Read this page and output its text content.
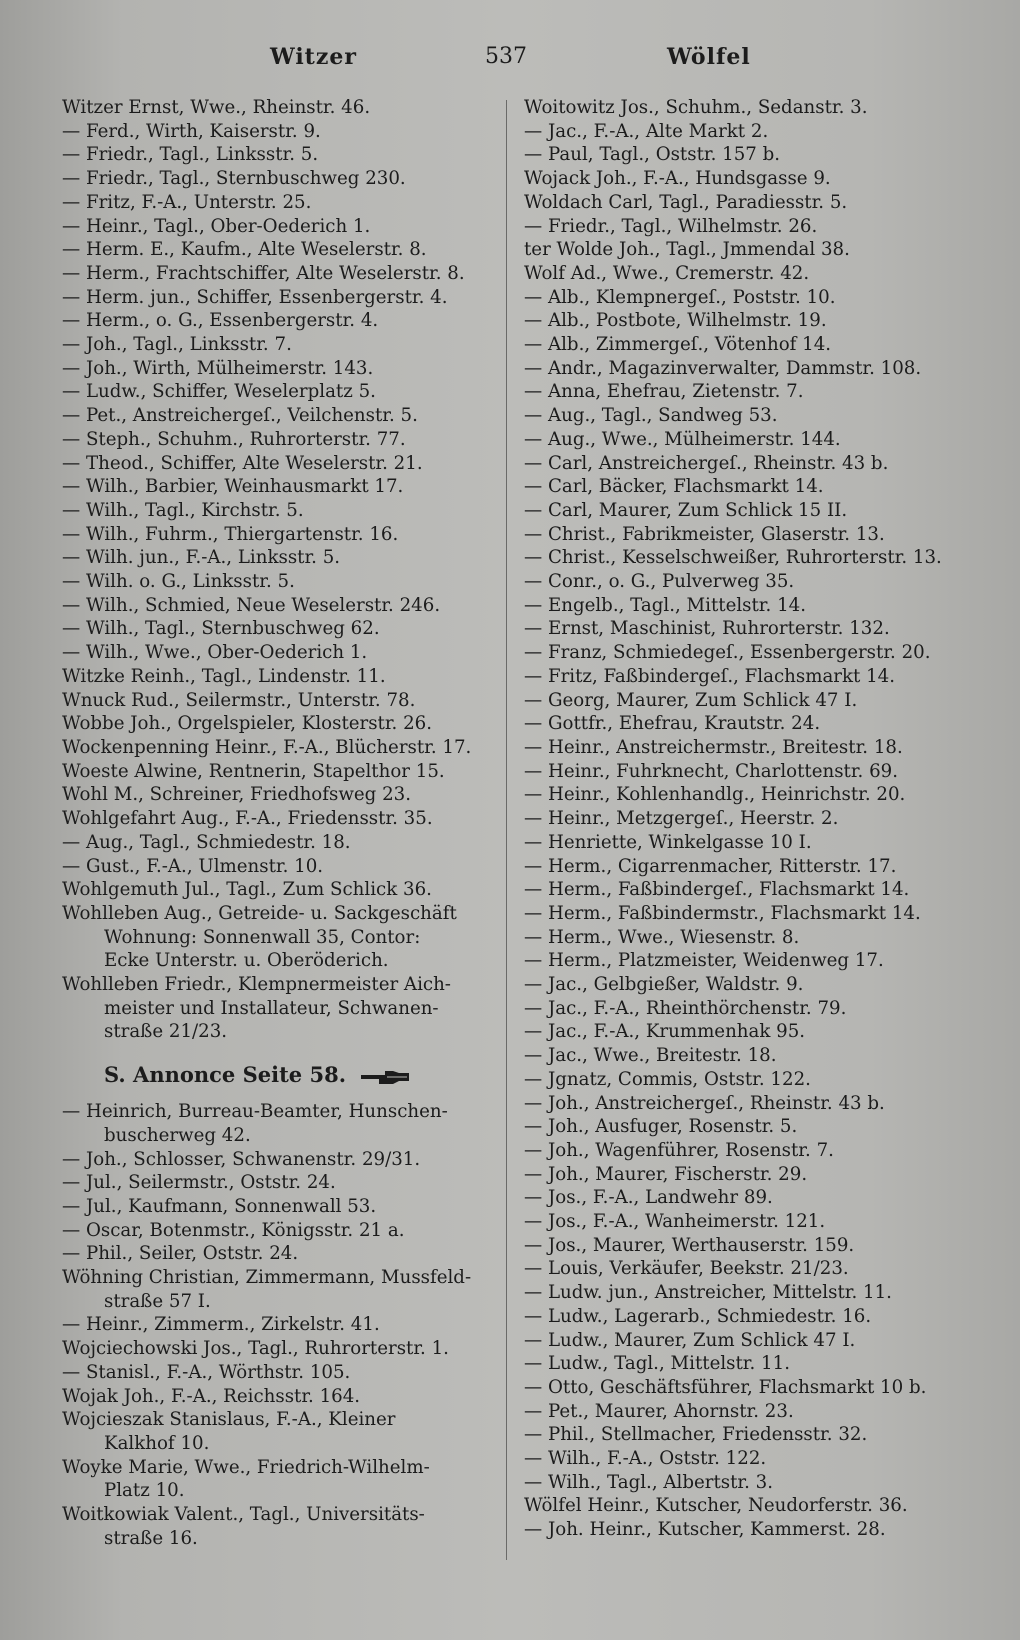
Witzer	537	Wölfel
Witzer Ernst, Wwe., Rheinstr. 46.
— Ferd., Wirth, Kaiserstr. 9.
— Friedr., Tagl., Linksstr. 5.
— Friedr., Tagl., Sternbuschweg 230.
— Fritz, F.-A., Unterstr. 25.
— Heinr., Tagl., Ober-Oederich 1.
— Herm. E., Kaufm., Alte Weselerstr. 8.
— Herm., Frachtschiffer, Alte Weselerstr. 8.
— Herm. jun., Schiffer, Essenbergerstr. 4.
— Herm., o. G., Essenbergerstr. 4.
— Joh., Tagl., Linksstr. 7.
— Joh., Wirth, Mülheimerstr. 143.
— Ludw., Schiffer, Weselerplatz 5.
— Pet., Anstreichergeſ., Veilchenstr. 5.
— Steph., Schuhm., Ruhrorterstr. 77.
— Theod., Schiffer, Alte Weselerstr. 21.
— Wilh., Barbier, Weinhausmarkt 17.
— Wilh., Tagl., Kirchstr. 5.
— Wilh., Fuhrm., Thiergartenstr. 16.
— Wilh. jun., F.-A., Linksstr. 5.
— Wilh. o. G., Linksstr. 5.
— Wilh., Schmied, Neue Weselerstr. 246.
— Wilh., Tagl., Sternbuschweg 62.
— Wilh., Wwe., Ober-Oederich 1.
Witzke Reinh., Tagl., Lindenstr. 11.
Wnuck Rud., Seilermstr., Unterstr. 78.
Wobbe Joh., Orgelspieler, Klosterstr. 26.
Wockenpenning Heinr., F.-A., Blücherstr. 17.
Woeste Alwine, Rentnerin, Stapelthor 15.
Wohl M., Schreiner, Friedhofsweg 23.
Wohlgefahrt Aug., F.-A., Friedensstr. 35.
— Aug., Tagl., Schmiedestr. 18.
— Gust., F.-A., Ulmenstr. 10.
Wohlgemuth Jul., Tagl., Zum Schlick 36.
Wohlleben Aug., Getreide- u. Sackgeschäft
Wohnung: Sonnenwall 35, Contor:
Ecke Unterstr. u. Oberöderich.
Wohlleben Friedr., Klempnermeister Aich-
meister und Installateur, Schwanen-
straße 21/23.
S. Annonce Seite 58.
— Heinrich, Burreau-Beamter, Hunschen-
buscherweg 42.
— Joh., Schlosser, Schwanenstr. 29/31.
— Jul., Seilermstr., Oststr. 24.
— Jul., Kaufmann, Sonnenwall 53.
— Oscar, Botenmstr., Königsstr. 21 a.
— Phil., Seiler, Oststr. 24.
Wöhning Christian, Zimmermann, Mussfeld-
straße 57 I.
— Heinr., Zimmerm., Zirkelstr. 41.
Wojciechowski Jos., Tagl., Ruhrorterstr. 1.
— Stanisl., F.-A., Wörthstr. 105.
Wojak Joh., F.-A., Reichsstr. 164.
Wojcieszak Stanislaus, F.-A., Kleiner
Kalkhof 10.
Woyke Marie, Wwe., Friedrich-Wilhelm-
Platz 10.
Woitkowiak Valent., Tagl., Universitäts-
straße 16.
Woitowitz Jos., Schuhm., Sedanstr. 3.
— Jac., F.-A., Alte Markt 2.
— Paul, Tagl., Oststr. 157 b.
Wojack Joh., F.-A., Hundsgasse 9.
Woldach Carl, Tagl., Paradiesstr. 5.
— Friedr., Tagl., Wilhelmstr. 26.
ter Wolde Joh., Tagl., Jmmendal 38.
Wolf Ad., Wwe., Cremerstr. 42.
— Alb., Klempnergeſ., Poststr. 10.
— Alb., Postbote, Wilhelmstr. 19.
— Alb., Zimmergeſ., Vötenhof 14.
— Andr., Magazinverwalter, Dammstr. 108.
— Anna, Ehefrau, Zietenstr. 7.
— Aug., Tagl., Sandweg 53.
— Aug., Wwe., Mülheimerstr. 144.
— Carl, Anstreichergeſ., Rheinstr. 43 b.
— Carl, Bäcker, Flachsmarkt 14.
— Carl, Maurer, Zum Schlick 15 II.
— Christ., Fabrikmeister, Glaserstr. 13.
— Christ., Kesselschweißer, Ruhrorterstr. 13.
— Conr., o. G., Pulverweg 35.
— Engelb., Tagl., Mittelstr. 14.
— Ernst, Maschinist, Ruhrorterstr. 132.
— Franz, Schmiedegeſ., Essenbergerstr. 20.
— Fritz, Faßbindergeſ., Flachsmarkt 14.
— Georg, Maurer, Zum Schlick 47 I.
— Gottfr., Ehefrau, Krautstr. 24.
— Heinr., Anstreichermstr., Breitestr. 18.
— Heinr., Fuhrknecht, Charlottenstr. 69.
— Heinr., Kohlenhandlg., Heinrichstr. 20.
— Heinr., Metzgergeſ., Heerstr. 2.
— Henriette, Winkelgasse 10 I.
— Herm., Cigarrenmacher, Ritterstr. 17.
— Herm., Faßbindergeſ., Flachsmarkt 14.
— Herm., Faßbindermstr., Flachsmarkt 14.
— Herm., Wwe., Wiesenstr. 8.
— Herm., Platzmeister, Weidenweg 17.
— Jac., Gelbgießer, Waldstr. 9.
— Jac., F.-A., Rheinthörchenstr. 79.
— Jac., F.-A., Krummenhak 95.
— Jac., Wwe., Breitestr. 18.
— Jgnatz, Commis, Oststr. 122.
— Joh., Anstreichergeſ., Rheinstr. 43 b.
— Joh., Ausfuger, Rosenstr. 5.
— Joh., Wagenführer, Rosenstr. 7.
— Joh., Maurer, Fischerstr. 29.
— Jos., F.-A., Landwehr 89.
— Jos., F.-A., Wanheimerstr. 121.
— Jos., Maurer, Werthauserstr. 159.
— Louis, Verkäufer, Beekstr. 21/23.
— Ludw. jun., Anstreicher, Mittelstr. 11.
— Ludw., Lagerarb., Schmiedestr. 16.
— Ludw., Maurer, Zum Schlick 47 I.
— Ludw., Tagl., Mittelstr. 11.
— Otto, Geschäftsführer, Flachsmarkt 10 b.
— Pet., Maurer, Ahornstr. 23.
— Phil., Stellmacher, Friedensstr. 32.
— Wilh., F.-A., Oststr. 122.
— Wilh., Tagl., Albertstr. 3.
Wölfel Heinr., Kutscher, Neudorferstr. 36.
— Joh. Heinr., Kutscher, Kammerst. 28.
